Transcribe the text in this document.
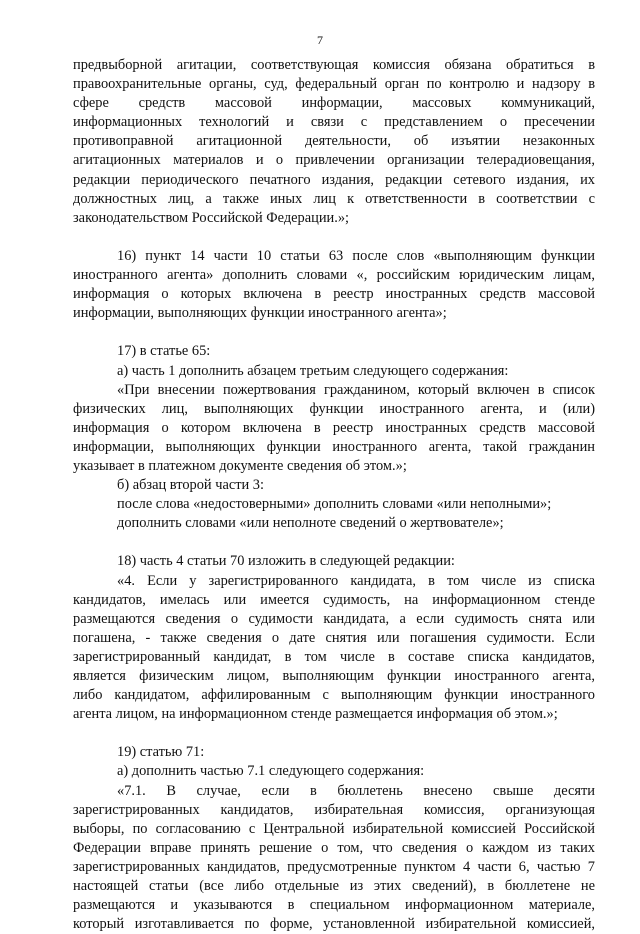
7
предвыборной агитации, соответствующая комиссия обязана обратиться в
правоохранительные органы, суд, федеральный орган по контролю и надзору в
сфере средств массовой информации, массовых коммуникаций,
информационных технологий и связи с представлением о пресечении
противоправной агитационной деятельности, об изъятии незаконных
агитационных материалов и о привлечении организации телерадиовещания,
редакции периодического печатного издания, редакции сетевого издания, их
должностных лиц, а также иных лиц к ответственности в соответствии с
законодательством Российской Федерации.»;
16) пункт 14 части 10 статьи 63 после слов «выполняющим функции
иностранного агента» дополнить словами «, российским юридическим лицам,
информация о которых включена в реестр иностранных средств массовой
информации, выполняющих функции иностранного агента»;
17) в статье 65:
а) часть 1 дополнить абзацем третьим следующего содержания:
«При внесении пожертвования гражданином, который включен в список
физических лиц, выполняющих функции иностранного агента, и (или)
информация о котором включена в реестр иностранных средств массовой
информации, выполняющих функции иностранного агента, такой гражданин
указывает в платежном документе сведения об этом.»;
б) абзац второй части 3:
после слова «недостоверными» дополнить словами «или неполными»;
дополнить словами «или неполноте сведений о жертвователе»;
18) часть 4 статьи 70 изложить в следующей редакции:
«4. Если у зарегистрированного кандидата, в том числе из списка
кандидатов, имелась или имеется судимость, на информационном стенде
размещаются сведения о судимости кандидата, а если судимость снята или
погашена, - также сведения о дате снятия или погашения судимости. Если
зарегистрированный кандидат, в том числе в составе списка кандидатов,
является физическим лицом, выполняющим функции иностранного агента,
либо кандидатом, аффилированным с выполняющим функции иностранного
агента лицом, на информационном стенде размещается информация об этом.»;
19) статью 71:
а) дополнить частью 7.1 следующего содержания:
«7.1. В случае, если в бюллетень внесено свыше десяти
зарегистрированных кандидатов, избирательная комиссия, организующая
выборы, по согласованию с Центральной избирательной комиссией Российской
Федерации вправе принять решение о том, что сведения о каждом из таких
зарегистрированных кандидатов, предусмотренные пунктом 4 части 6, частью 7
настоящей статьи (все либо отдельные из этих сведений), в бюллетене не
размещаются и указываются в специальном информационном материале,
который изготавливается по форме, установленной избирательной комиссией,
